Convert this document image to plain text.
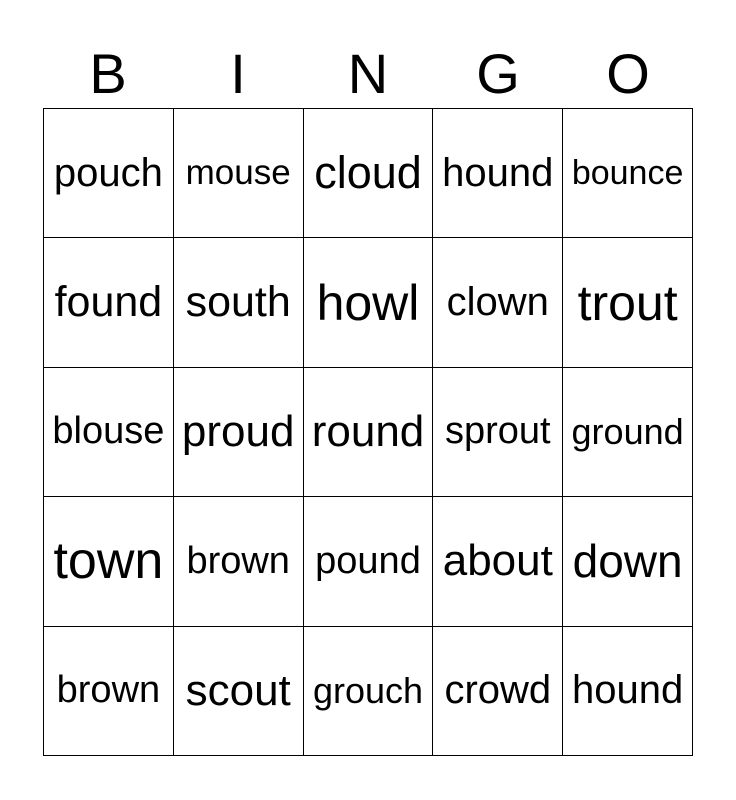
B	I	N	G	O
pouch mouse cloud hound bounce
found south howl clown trout
blouse proud round sprout ground
town brown pound about down
brown scout grouch crowd hound
